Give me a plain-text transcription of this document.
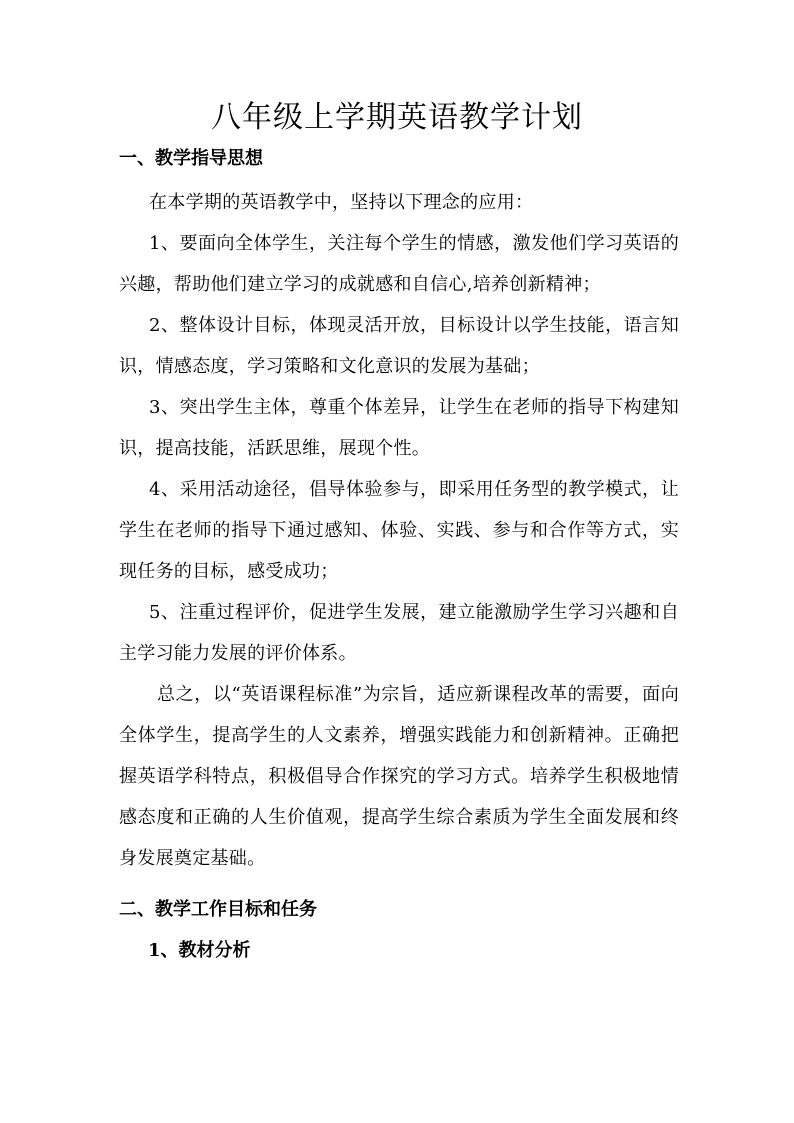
八年级上学期英语教学计划
一、教学指导思想
在本学期的英语教学中，坚持以下理念的应用：
1、要面向全体学生，关注每个学生的情感，激发他们学习英语的兴趣，帮助他们建立学习的成就感和自信心,培养创新精神；
2、整体设计目标，体现灵活开放，目标设计以学生技能，语言知识，情感态度，学习策略和文化意识的发展为基础；
3、突出学生主体，尊重个体差异，让学生在老师的指导下构建知识，提高技能，活跃思维，展现个性。
4、采用活动途径，倡导体验参与，即采用任务型的教学模式，让学生在老师的指导下通过感知、体验、实践、参与和合作等方式，实现任务的目标，感受成功；
5、注重过程评价，促进学生发展，建立能激励学生学习兴趣和自主学习能力发展的评价体系。
总之，以“英语课程标准”为宗旨，适应新课程改革的需要，面向全体学生，提高学生的人文素养，增强实践能力和创新精神。正确把握英语学科特点，积极倡导合作探究的学习方式。培养学生积极地情感态度和正确的人生价值观，提高学生综合素质为学生全面发展和终身发展奠定基础。
二、教学工作目标和任务
1、教材分析
